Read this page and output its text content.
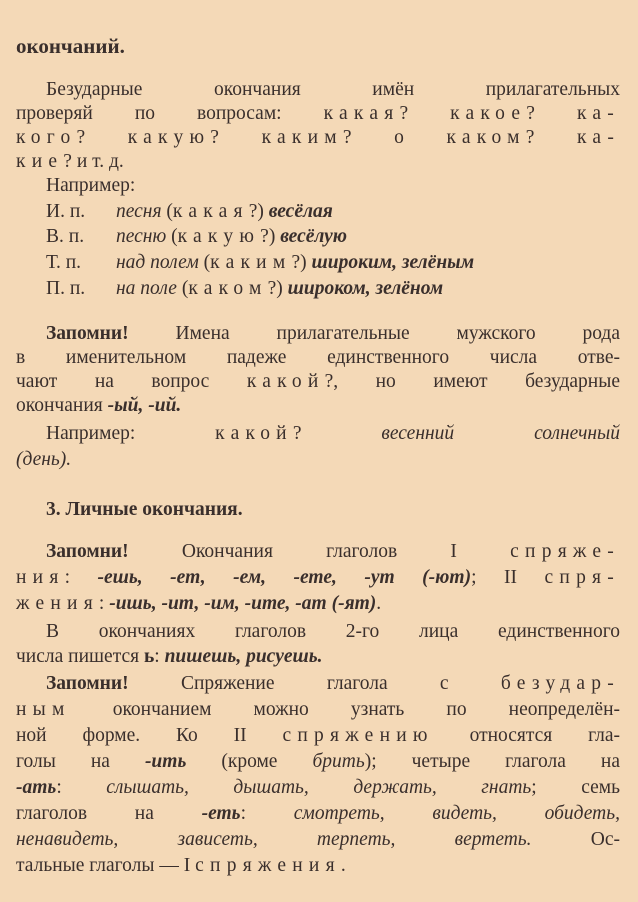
окончаний.
Безударные окончания имён прилагательных
проверяй по вопросам: какая? какое? ка-
кого? какую? каким? о каком? ка-
кие? и т. д.
Например:
И. п. песня (какая?) весёлая
В. п. песню (какую?) весёлую
Т. п. над полем (каким?) широким, зелёным
П. п. на поле (каком?) широком, зелёном
Запомни! Имена прилагательные мужского рода
в именительном падеже единственного числа отве-
чают на вопрос какой?, но имеют безударные
окончания -ый, -ий.
Например:	какой?	весенний	солнечный
(день).
3. Личные окончания.
Запомни! Окончания глаголов I спряже-
ния: -ешь, -ет, -ем, -ете, -ут (-ют); II спря-
жения: -ишь, -ит, -им, -ите, -ат (-ят).
В окончаниях глаголов 2-го лица единственного
числа пишется ь: пишешь, рисуешь.
Запомни! Спряжение глагола с безудар-
ным окончанием можно узнать по неопределён-
ной форме. Ко II спряжению относятся гла-
голы на -ить (кроме брить); четыре глагола на
-ать: слышать, дышать, держать, гнать; семь
глаголов на -еть: смотреть, видеть, обидеть,
ненавидеть, зависеть, терпеть, вертеть. Ос-
тальные глаголы — I спряжения.
